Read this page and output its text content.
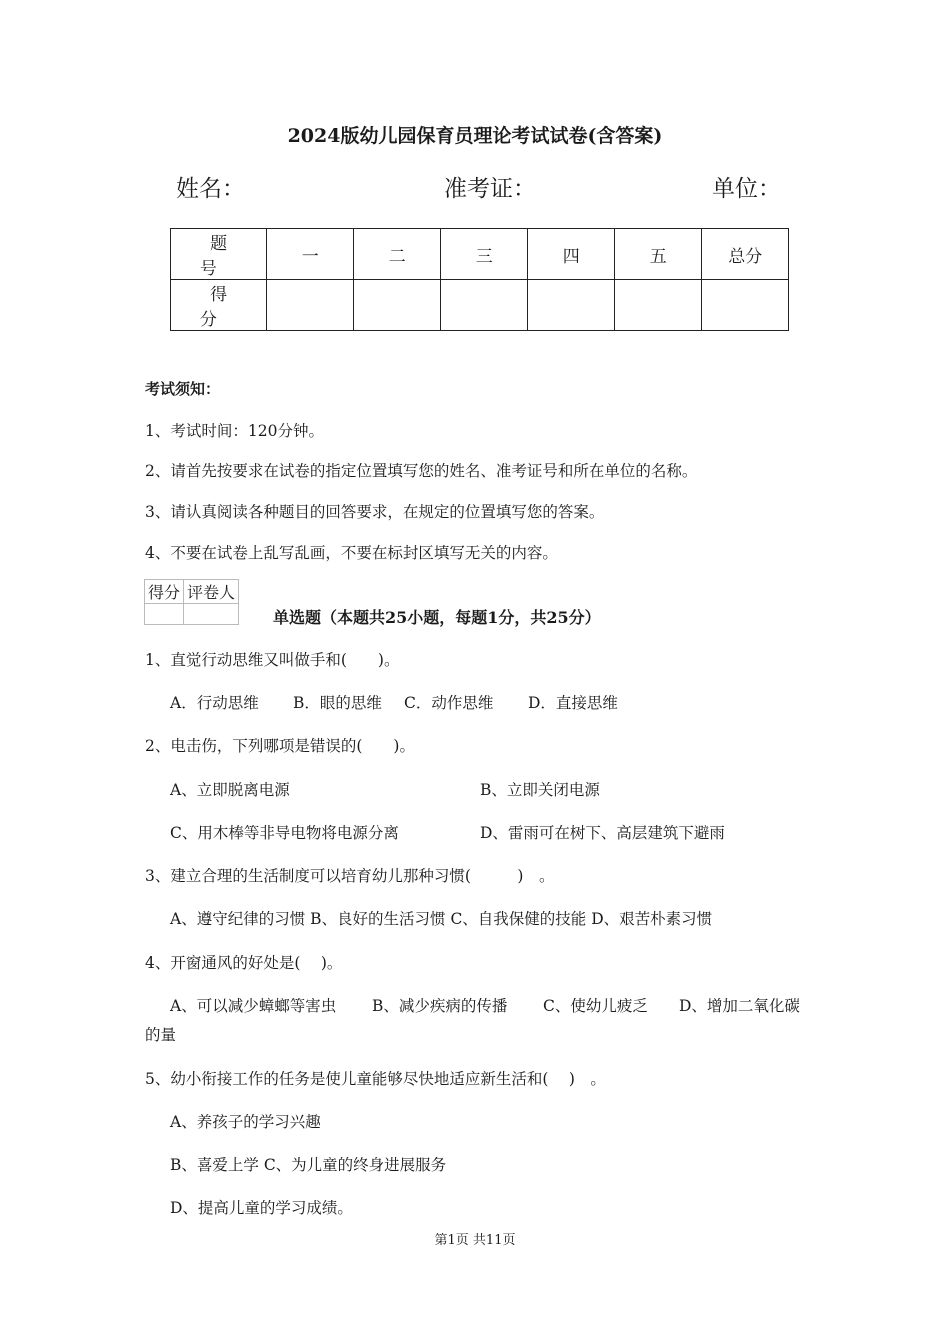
2024版幼儿园保育员理论考试试卷(含答案)
姓名：	准考证：	单位：
题　号	一	二	三	四	五	总分
得　分						
考试须知：
1、考试时间：120分钟。
2、请首先按要求在试卷的指定位置填写您的姓名、准考证号和所在单位的名称。
3、请认真阅读各种题目的回答要求，在规定的位置填写您的答案。
4、不要在试卷上乱写乱画，不要在标封区填写无关的内容。
得分	评卷人

单选题（本题共25小题，每题1分，共25分）
1、直觉行动思维又叫做手和(　　)。
A．行动思维 B．眼的思维 C．动作思维 D．直接思维
2、电击伤，下列哪项是错误的(　　)。
A、立即脱离电源	B、立即关闭电源
C、用木棒等非导电物将电源分离	D、雷雨可在树下、高层建筑下避雨
3、建立合理的生活制度可以培育幼儿那种习惯(　　　)　。
A、遵守纪律的习惯 B、良好的生活习惯 C、自我保健的技能 D、艰苦朴素习惯
4、开窗通风的好处是(　 )。
A、可以减少蟑螂等害虫 B、减少疾病的传播 C、使幼儿疲乏 D、增加二氧化碳
的量
5、幼小衔接工作的任务是使儿童能够尽快地适应新生活和(　 )　。
A、养孩子的学习兴趣
B、喜爱上学 C、为儿童的终身进展服务
D、提高儿童的学习成绩。
第1页 共11页
